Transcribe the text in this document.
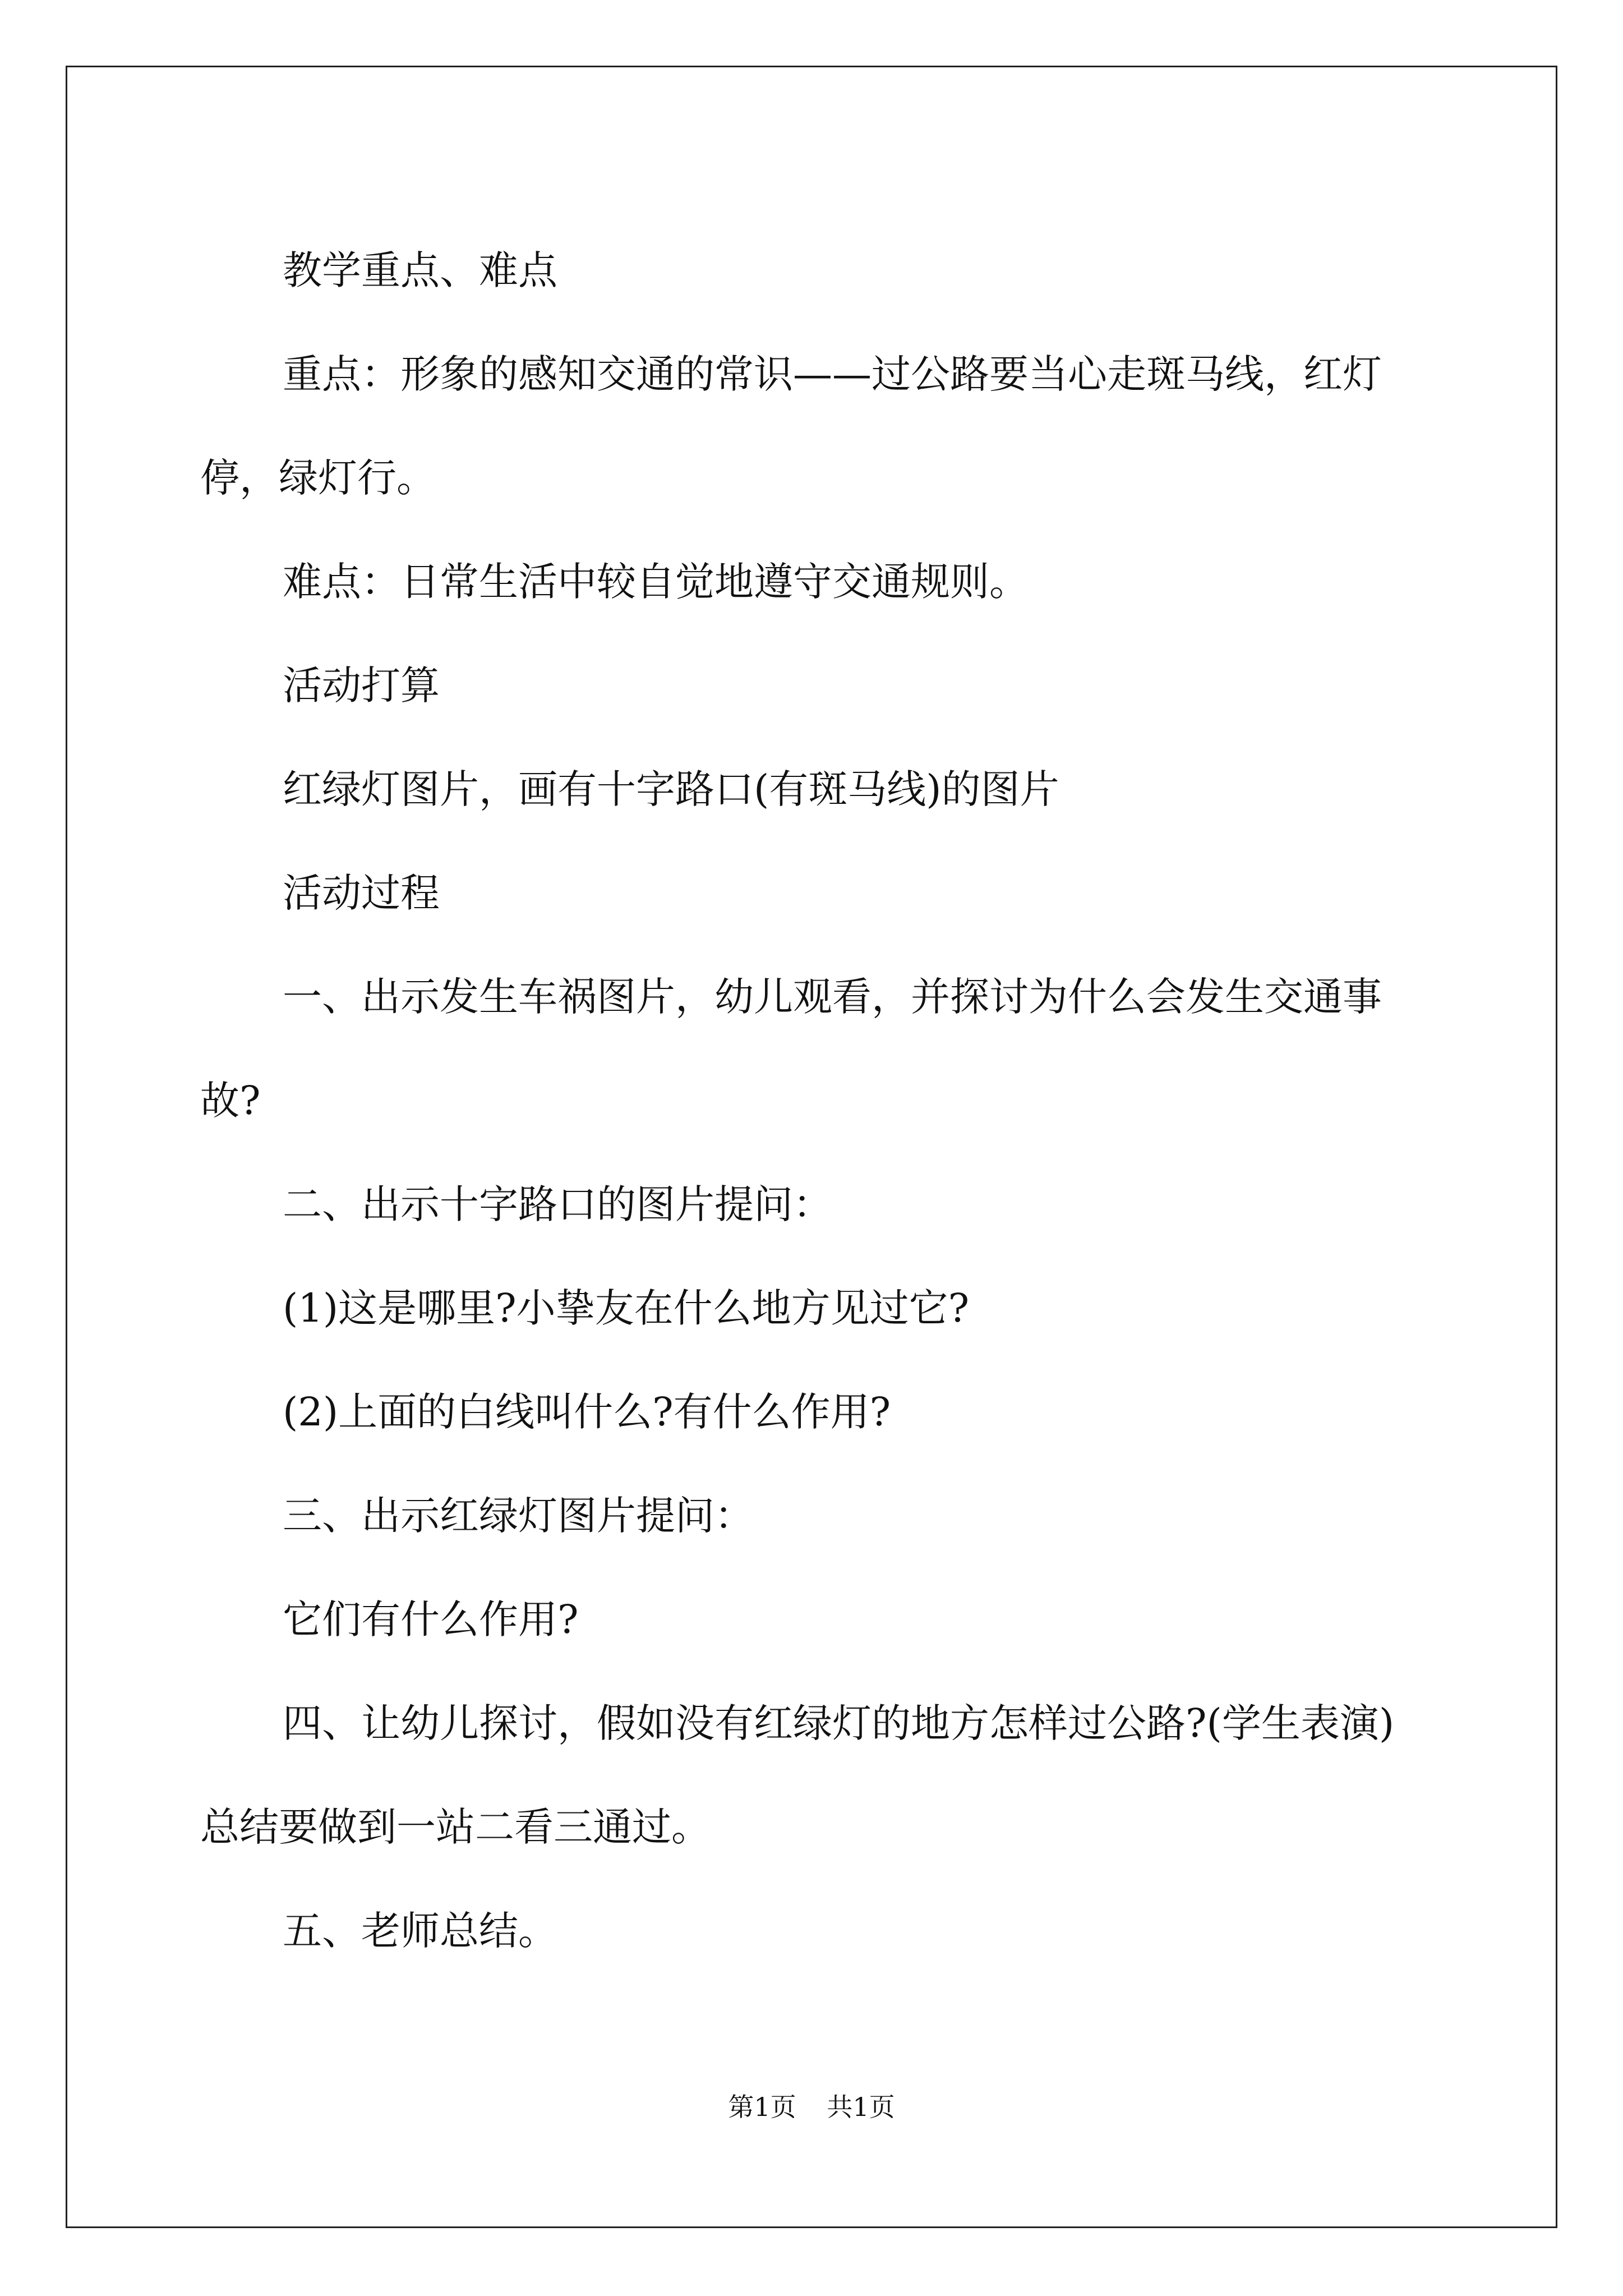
教学重点、难点

重点：形象的感知交通的常识——过公路要当心走斑马线，红灯

停，绿灯行。

难点：日常生活中较自觉地遵守交通规则。

活动打算

红绿灯图片，画有十字路口(有斑马线)的图片

活动过程

一、出示发生车祸图片，幼儿观看，并探讨为什么会发生交通事

故?

二、出示十字路口的图片提问：

(1)这是哪里?小挚友在什么地方见过它?

(2)上面的白线叫什么?有什么作用?

三、出示红绿灯图片提问：

它们有什么作用?

四、让幼儿探讨，假如没有红绿灯的地方怎样过公路?(学生表演)

总结要做到一站二看三通过。

五、老师总结。

第1页 共1页
